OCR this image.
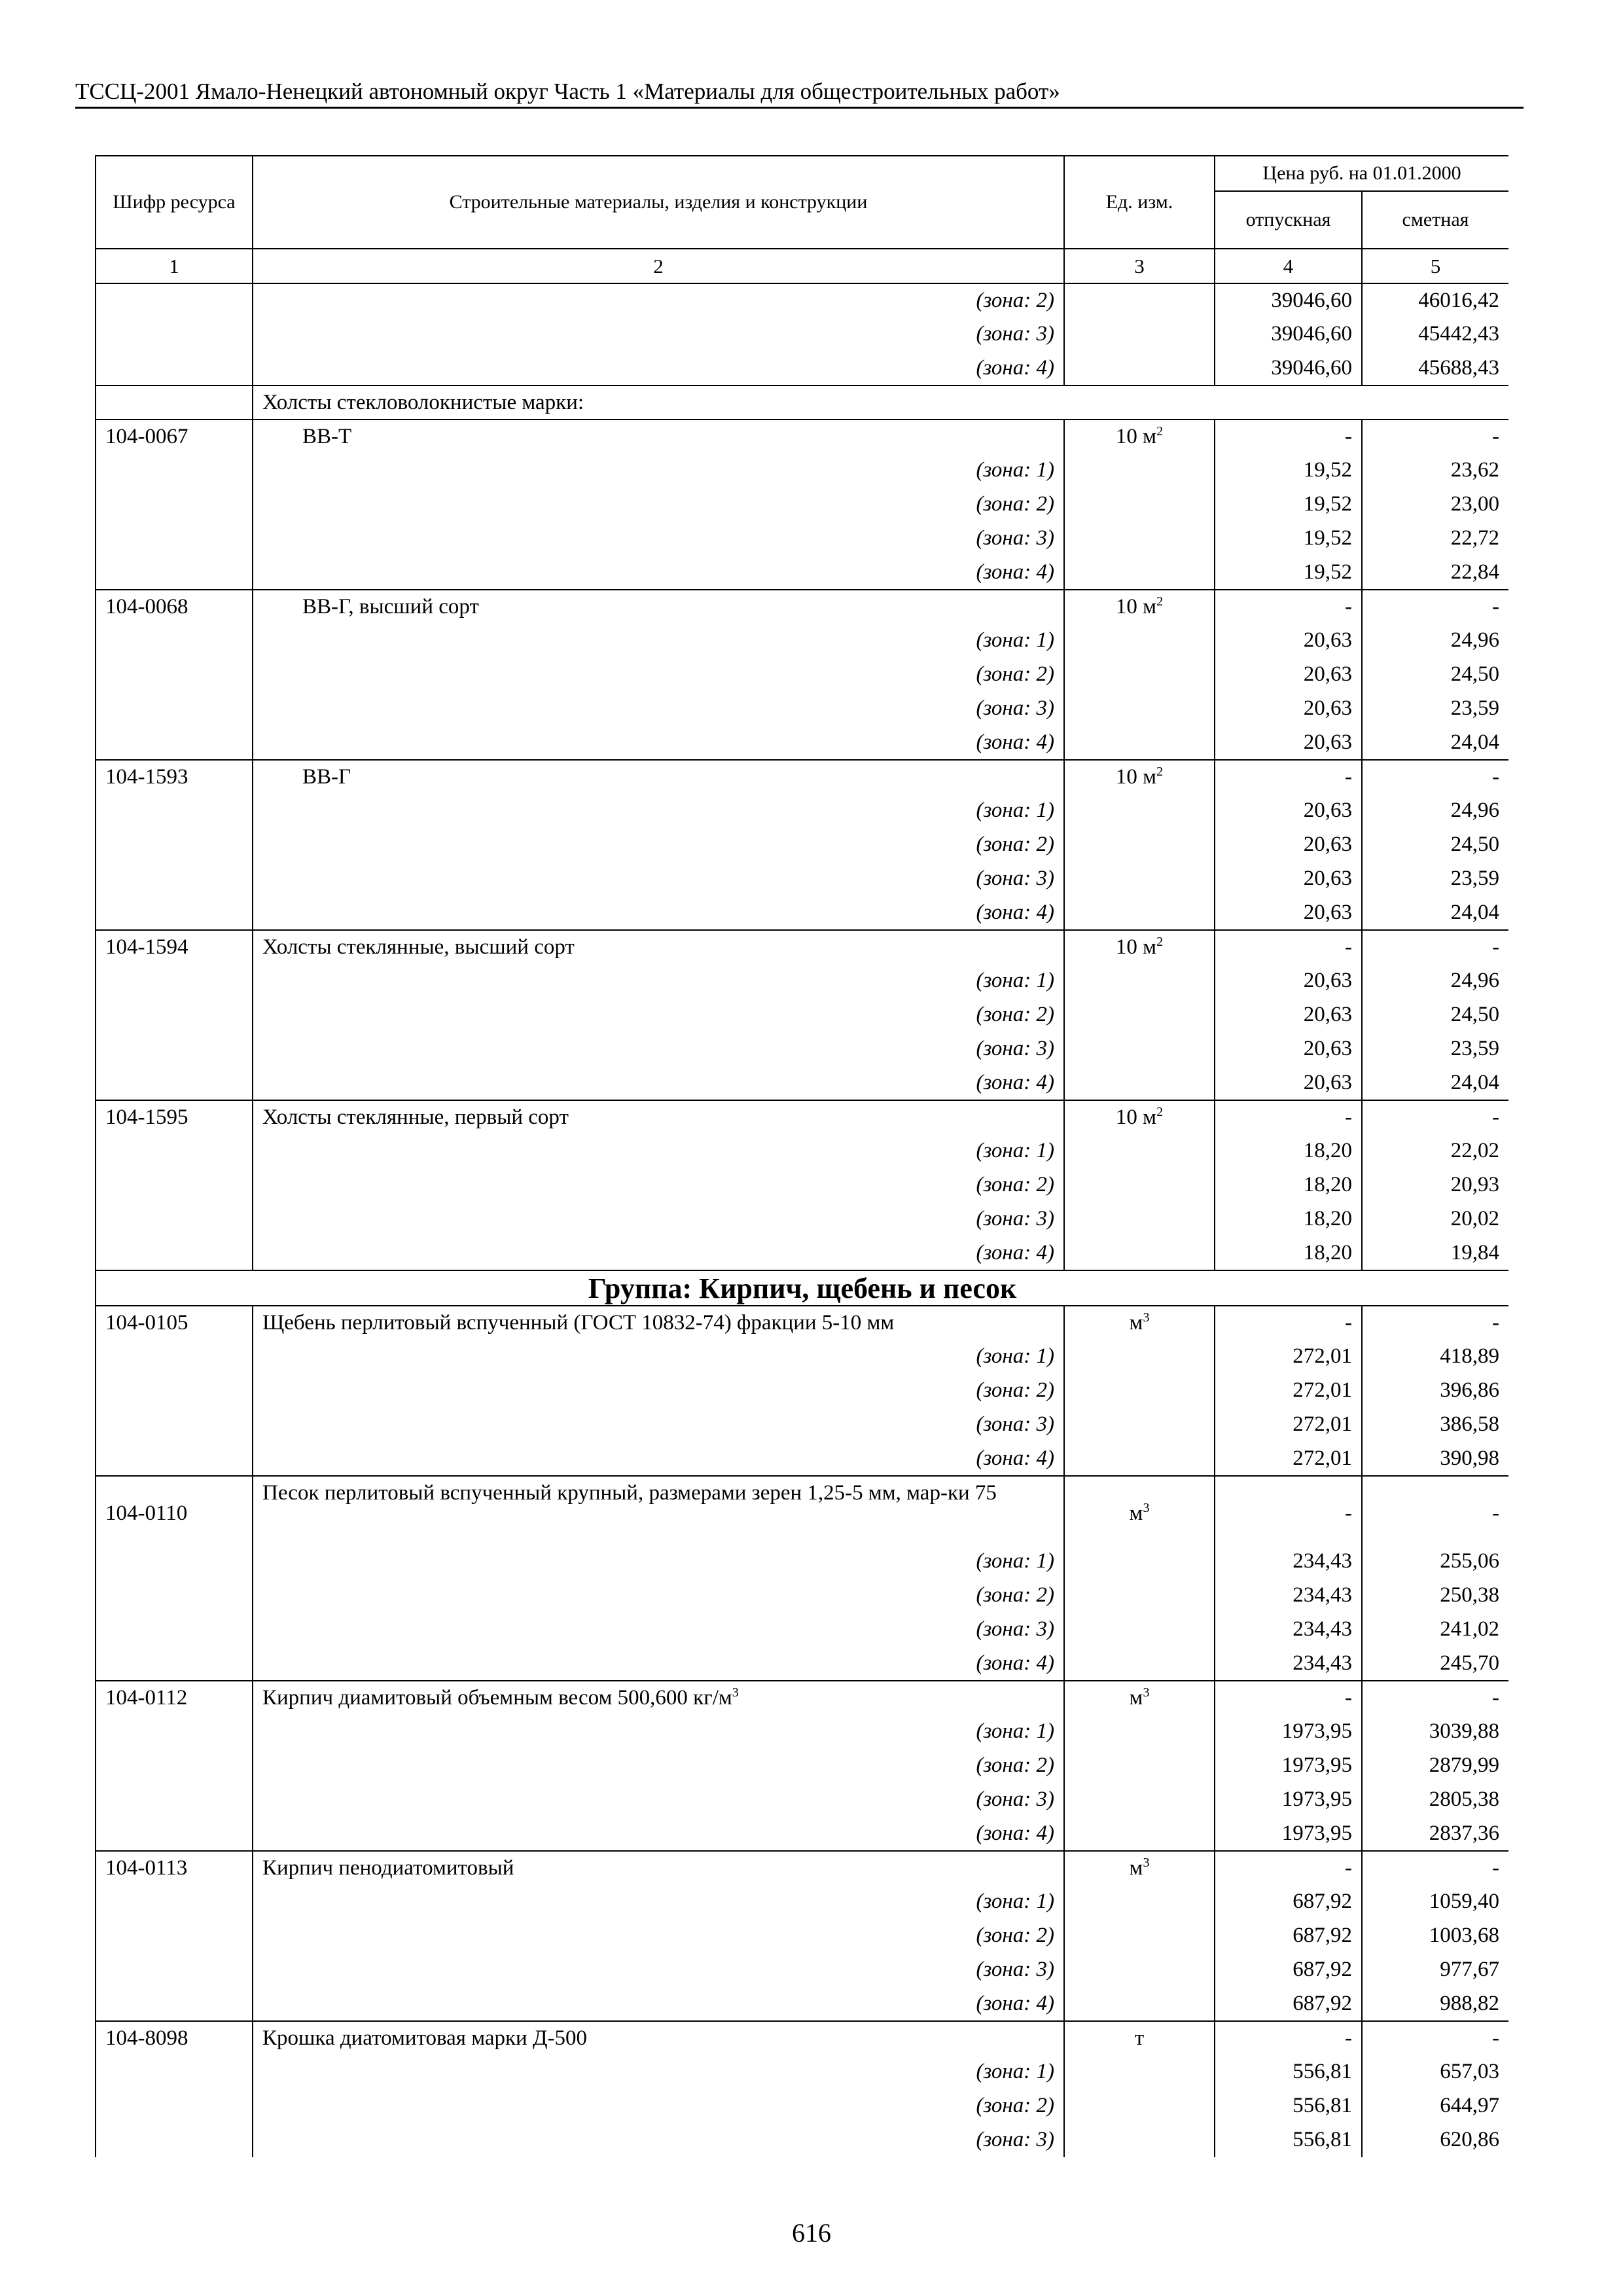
ТССЦ-2001 Ямало-Ненецкий автономный округ Часть 1 «Материалы для общестроительных работ»
Шифр ресурса	Строительные материалы, изделия и конструкции	Ед. изм.	Цена руб. на 01.01.2000	
			отпускная	сметная
1	2	3	4	5
	(зона: 2)		39046,60	46016,42
	(зона: 3)		39046,60	45442,43
	(зона: 4)		39046,60	45688,43
	Холсты стекловолокнистые марки:			
104-0067	ВВ-Т	10 $м^2$	-	-
	(зона: 1)		19,52	23,62
	(зона: 2)		19,52	23,00
	(зона: 3)		19,52	22,72
	(зона: 4)		19,52	22,84
104-0068	ВВ-Г, высший сорт	10 $м^2$	-	-
	(зона: 1)		20,63	24,96
	(зона: 2)		20,63	24,50
	(зона: 3)		20,63	23,59
	(зона: 4)		20,63	24,04
104-1593	ВВ-Г	10 $м^2$	-	-
	(зона: 1)		20,63	24,96
	(зона: 2)		20,63	24,50
	(зона: 3)		20,63	23,59
	(зона: 4)		20,63	24,04
104-1594	Холсты стеклянные, высший сорт	10 $м^2$	-	-
	(зона: 1)		20,63	24,96
	(зона: 2)		20,63	24,50
	(зона: 3)		20,63	23,59
	(зона: 4)		20,63	24,04
104-1595	Холсты стеклянные, первый сорт	10 $м^2$	-	-
	(зона: 1)		18,20	22,02
	(зона: 2)		18,20	20,93
	(зона: 3)		18,20	20,02
	(зона: 4)		18,20	19,84
Группа: Кирпич, щебень и песок				
104-0105	Щебень перлитовый вспученный (ГОСТ 10832-74) фракции 5-10 мм	$м^3$	-	-
	(зона: 1)		272,01	418,89
	(зона: 2)		272,01	396,86
	(зона: 3)		272,01	386,58
	(зона: 4)		272,01	390,98
104-0110	Песок перлитовый вспученный крупный, размерами зерен 1,25-5 мм, мар-ки 75	$м^3$	-	-
	(зона: 1)		234,43	255,06
	(зона: 2)		234,43	250,38
	(зона: 3)		234,43	241,02
	(зона: 4)		234,43	245,70
104-0112	Кирпич диамитовый объемным весом 500,600 $кг/м^3$	$м^3$	-	-
	(зона: 1)		1973,95	3039,88
	(зона: 2)		1973,95	2879,99
	(зона: 3)		1973,95	2805,38
	(зона: 4)		1973,95	2837,36
104-0113	Кирпич пенодиатомитовый	$м^3$	-	-
	(зона: 1)		687,92	1059,40
	(зона: 2)		687,92	1003,68
	(зона: 3)		687,92	977,67
	(зона: 4)		687,92	988,82
104-8098	Крошка диатомитовая марки Д-500	т	-	-
	(зона: 1)		556,81	657,03
	(зона: 2)		556,81	644,97
	(зона: 3)		556,81	620,86
616
